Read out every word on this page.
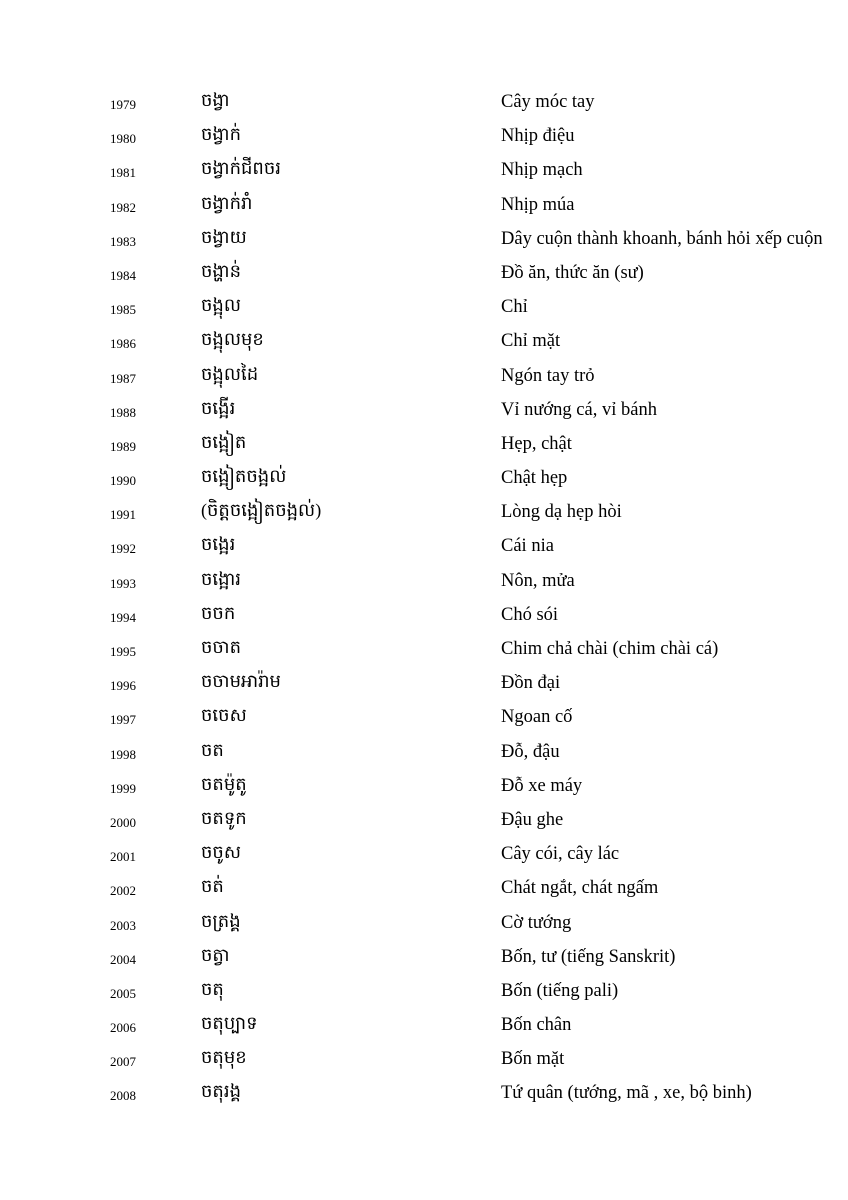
1979	ចង្វា	Cây móc tay
1980	ចង្វាក់	Nhịp điệu
1981	ចង្វាក់ជីពចរ	Nhịp mạch
1982	ចង្វាក់រាំ	Nhịp múa
1983	ចង្វាយ	Dây cuộn thành khoanh, bánh hỏi xếp cuộn
1984	ចង្ហាន់	Đồ ăn, thức ăn (sư)
1985	ចង្អុល	Chỉ
1986	ចង្អុលមុខ	Chỉ mặt
1987	ចង្អុលដៃ	Ngón tay trỏ
1988	ចង្អើរ	Vỉ nướng cá, vỉ bánh
1989	ចង្អៀត	Hẹp, chật
1990	ចង្អៀតចង្អល់	Chật hẹp
1991	(ចិត្តចង្អៀតចង្អល់)	Lòng dạ hẹp hòi
1992	ចង្អេរ	Cái nia
1993	ចង្អោរ	Nôn, mửa
1994	ចចក	Chó sói
1995	ចចាត	Chim chả chài (chim chài cá)
1996	ចចាមអារ៉ាម	Đồn đại
1997	ចចេស	Ngoan cố
1998	ចត	Đỗ, đậu
1999	ចតម៉ូតូ	Đỗ xe máy
2000	ចតទូក	Đậu ghe
2001	ចចូស	Cây cói, cây lác
2002	ចត់	Chát ngắt, chát ngấm
2003	ចត្រង្គ	Cờ tướng
2004	ចត្វា	Bốn, tư (tiếng Sanskrit)
2005	ចតុ	Bốn (tiếng pali)
2006	ចតុប្បាទ	Bốn chân
2007	ចតុមុខ	Bốn mặt
2008	ចតុរង្គ	Tứ quân (tướng, mã , xe, bộ binh)
